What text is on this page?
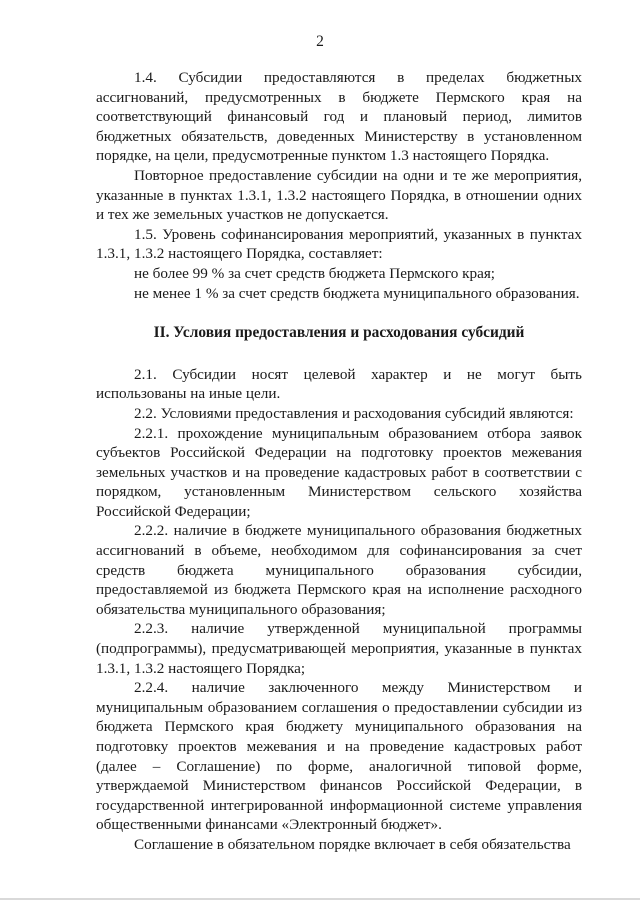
2

1.4. Субсидии предоставляются в пределах бюджетных ассигнований, предусмотренных в бюджете Пермского края на соответствующий финансовый год и плановый период, лимитов бюджетных обязательств, доведенных Министерству в установленном порядке, на цели, предусмотренные пунктом 1.3 настоящего Порядка.

Повторное предоставление субсидии на одни и те же мероприятия, указанные в пунктах 1.3.1, 1.3.2 настоящего Порядка, в отношении одних и тех же земельных участков не допускается.

1.5. Уровень софинансирования мероприятий, указанных в пунктах 1.3.1, 1.3.2 настоящего Порядка, составляет:

не более 99 % за счет средств бюджета Пермского края;

не менее 1 % за счет средств бюджета муниципального образования.

II. Условия предоставления и расходования субсидий

2.1. Субсидии носят целевой характер и не могут быть использованы на иные цели.

2.2. Условиями предоставления и расходования субсидий являются:

2.2.1. прохождение муниципальным образованием отбора заявок субъектов Российской Федерации на подготовку проектов межевания земельных участков и на проведение кадастровых работ в соответствии с порядком, установленным Министерством сельского хозяйства Российской Федерации;

2.2.2. наличие в бюджете муниципального образования бюджетных ассигнований в объеме, необходимом для софинансирования за счет средств бюджета муниципального образования субсидии, предоставляемой из бюджета Пермского края на исполнение расходного обязательства муниципального образования;

2.2.3. наличие утвержденной муниципальной программы (подпрограммы), предусматривающей мероприятия, указанные в пунктах 1.3.1, 1.3.2 настоящего Порядка;

2.2.4. наличие заключенного между Министерством и муниципальным образованием соглашения о предоставлении субсидии из бюджета Пермского края бюджету муниципального образования на подготовку проектов межевания и на проведение кадастровых работ (далее – Соглашение) по форме, аналогичной типовой форме, утверждаемой Министерством финансов Российской Федерации, в государственной интегрированной информационной системе управления общественными финансами «Электронный бюджет».

Соглашение в обязательном порядке включает в себя обязательства
